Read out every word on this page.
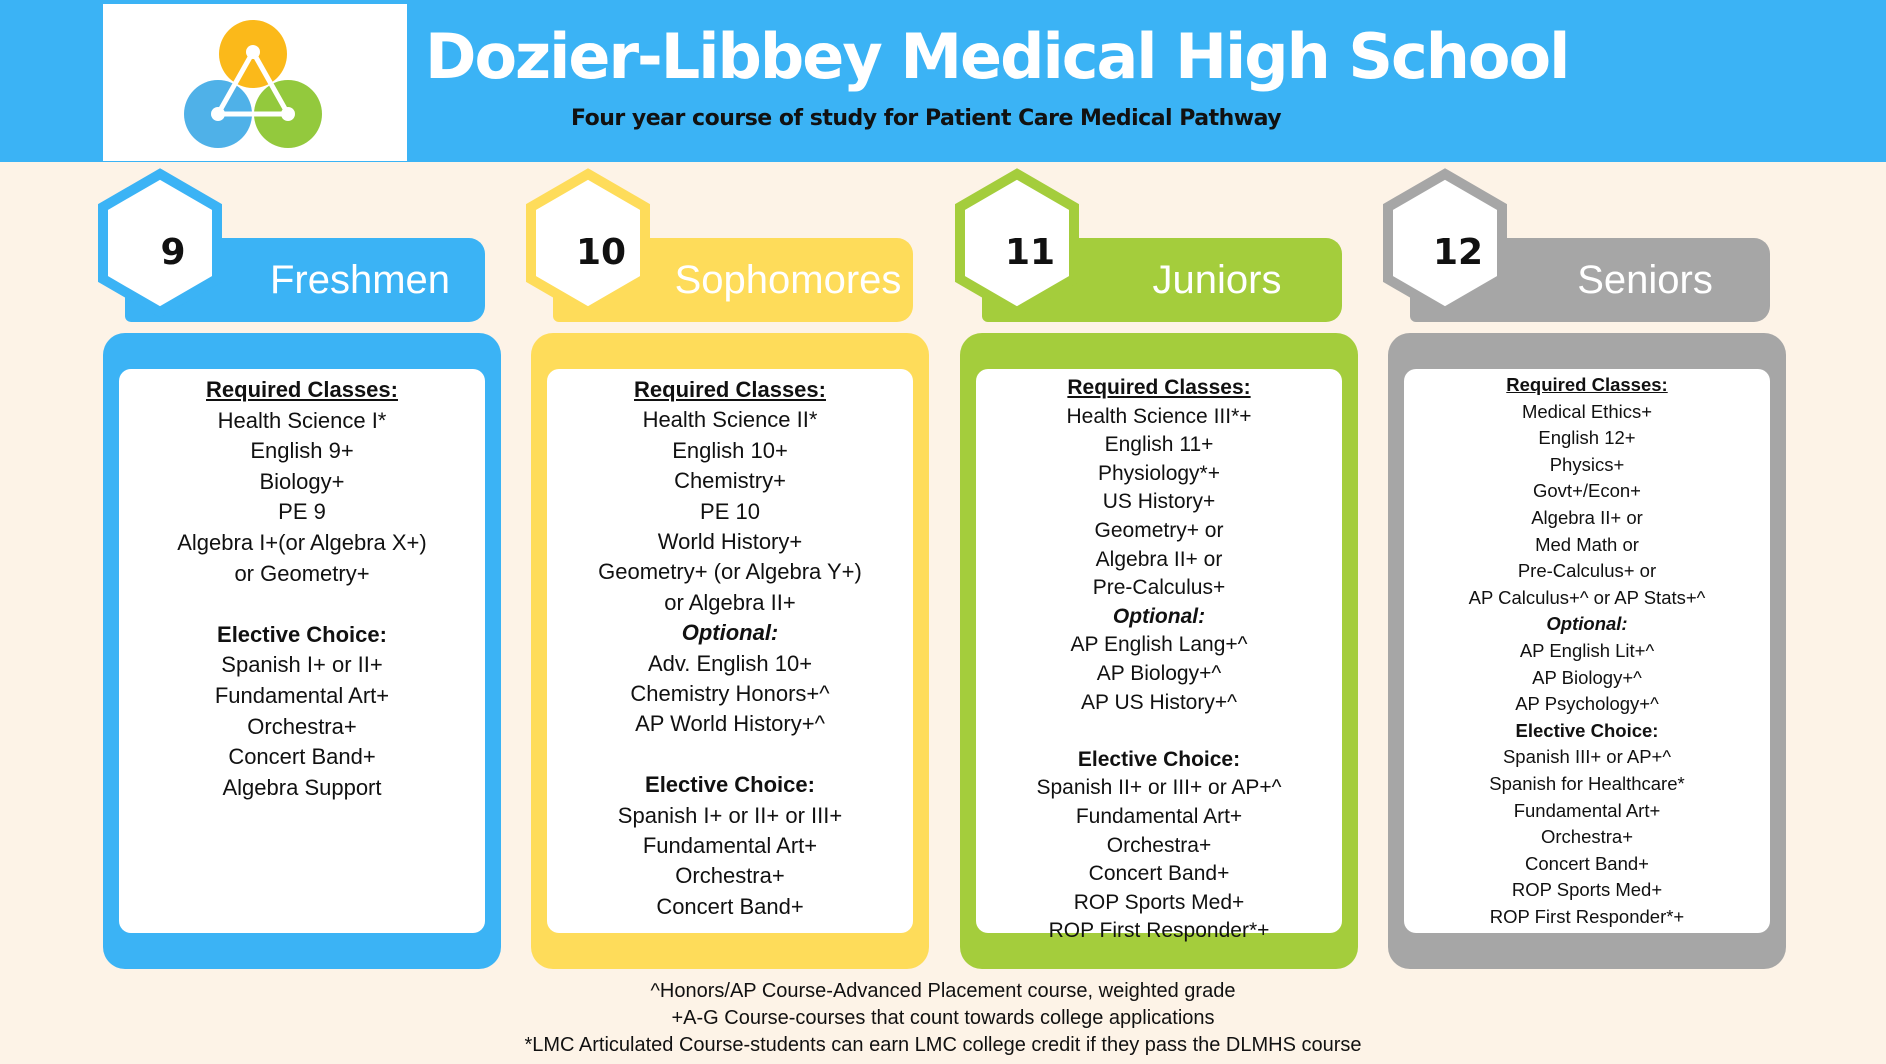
Dozier-Libbey Medical High School
Four year course of study for Patient Care Medical Pathway
Freshmen
9
Required Classes:
Health Science I*
English 9+
Biology+
PE 9
Algebra I+(or Algebra X+)
or Geometry+
Elective Choice:
Spanish I+ or II+
Fundamental Art+
Orchestra+
Concert Band+
Algebra Support
Sophomores
10
Required Classes:
Health Science II*
English 10+
Chemistry+
PE 10
World History+
Geometry+ (or Algebra Y+)
or Algebra II+
Optional:
Adv. English 10+
Chemistry Honors+^
AP World History+^
Elective Choice:
Spanish I+ or II+ or III+
Fundamental Art+
Orchestra+
Concert Band+
Juniors
11
Required Classes:
Health Science III*+
English 11+
Physiology*+
US History+
Geometry+ or
Algebra II+ or
Pre-Calculus+
Optional:
AP English Lang+^
AP Biology+^
AP US History+^
Elective Choice:
Spanish II+ or III+ or AP+^
Fundamental Art+
Orchestra+
Concert Band+
ROP Sports Med+
ROP First Responder*+
Seniors
12
Required Classes:
Medical Ethics+
English 12+
Physics+
Govt+/Econ+
Algebra II+ or
Med Math or
Pre-Calculus+ or
AP Calculus+^ or AP Stats+^
Optional:
AP English Lit+^
AP Biology+^
AP Psychology+^
Elective Choice:
Spanish III+ or AP+^
Spanish for Healthcare*
Fundamental Art+
Orchestra+
Concert Band+
ROP Sports Med+
ROP First Responder*+
^Honors/AP Course-Advanced Placement course, weighted grade
+A-G Course-courses that count towards college applications
*LMC Articulated Course-students can earn LMC college credit if they pass the DLMHS course
